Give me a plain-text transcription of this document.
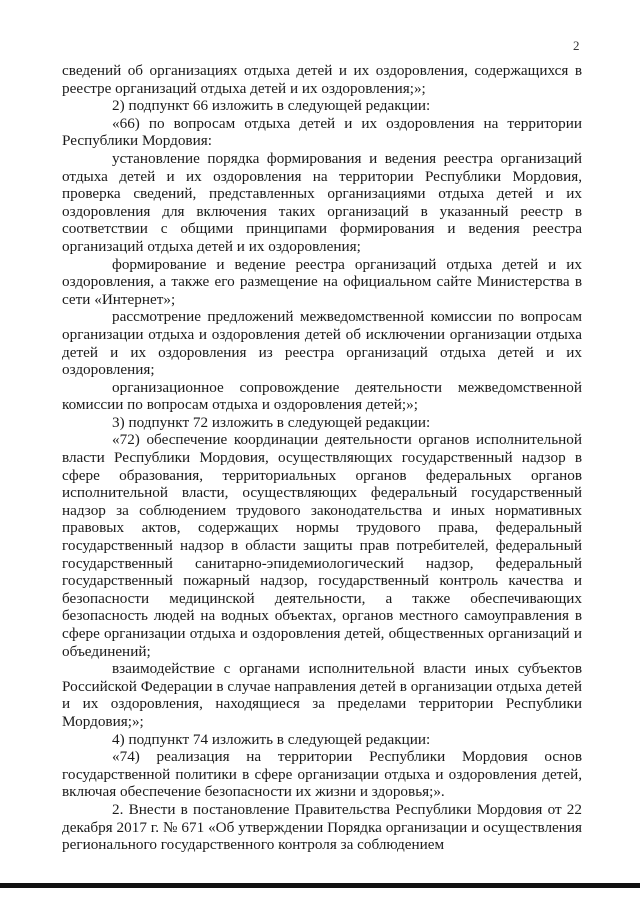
2

сведений об организациях отдыха детей и их оздоровления, содержащихся в реестре организаций отдыха детей и их оздоровления;»;

2) подпункт 66 изложить в следующей редакции:

«66) по вопросам отдыха детей и их оздоровления на территории Республики Мордовия:

установление порядка формирования и ведения реестра организаций отдыха детей и их оздоровления на территории Республики Мордовия, проверка сведений, представленных организациями отдыха детей и их оздоровления для включения таких организаций в указанный реестр в соответствии с общими принципами формирования и ведения реестра организаций отдыха детей и их оздоровления;

формирование и ведение реестра организаций отдыха детей и их оздоровления, а также его размещение на официальном сайте Министерства в сети «Интернет»;

рассмотрение предложений межведомственной комиссии по вопросам организации отдыха и оздоровления детей об исключении организации отдыха детей и их оздоровления из реестра организаций отдыха детей и их оздоровления;

организационное сопровождение деятельности межведомственной комиссии по вопросам отдыха и оздоровления детей;»;

3) подпункт 72 изложить в следующей редакции:

«72) обеспечение координации деятельности органов исполнительной власти Республики Мордовия, осуществляющих государственный надзор в сфере образования, территориальных органов федеральных органов исполнительной власти, осуществляющих федеральный государственный надзор за соблюдением трудового законодательства и иных нормативных правовых актов, содержащих нормы трудового права, федеральный государственный надзор в области защиты прав потребителей, федеральный государственный санитарно-эпидемиологический надзор, федеральный государственный пожарный надзор, государственный контроль качества и безопасности медицинской деятельности, а также обеспечивающих безопасность людей на водных объектах, органов местного самоуправления в сфере организации отдыха и оздоровления детей, общественных организаций и объединений;

взаимодействие с органами исполнительной власти иных субъектов Российской Федерации в случае направления детей в организации отдыха детей и их оздоровления, находящиеся за пределами территории Республики Мордовия;»;

4) подпункт 74 изложить в следующей редакции:

«74) реализация на территории Республики Мордовия основ государственной политики в сфере организации отдыха и оздоровления детей, включая обеспечение безопасности их жизни и здоровья;».

2. Внести в постановление Правительства Республики Мордовия от 22 декабря 2017 г. № 671 «Об утверждении Порядка организации и осуществления регионального государственного контроля за соблюдением
